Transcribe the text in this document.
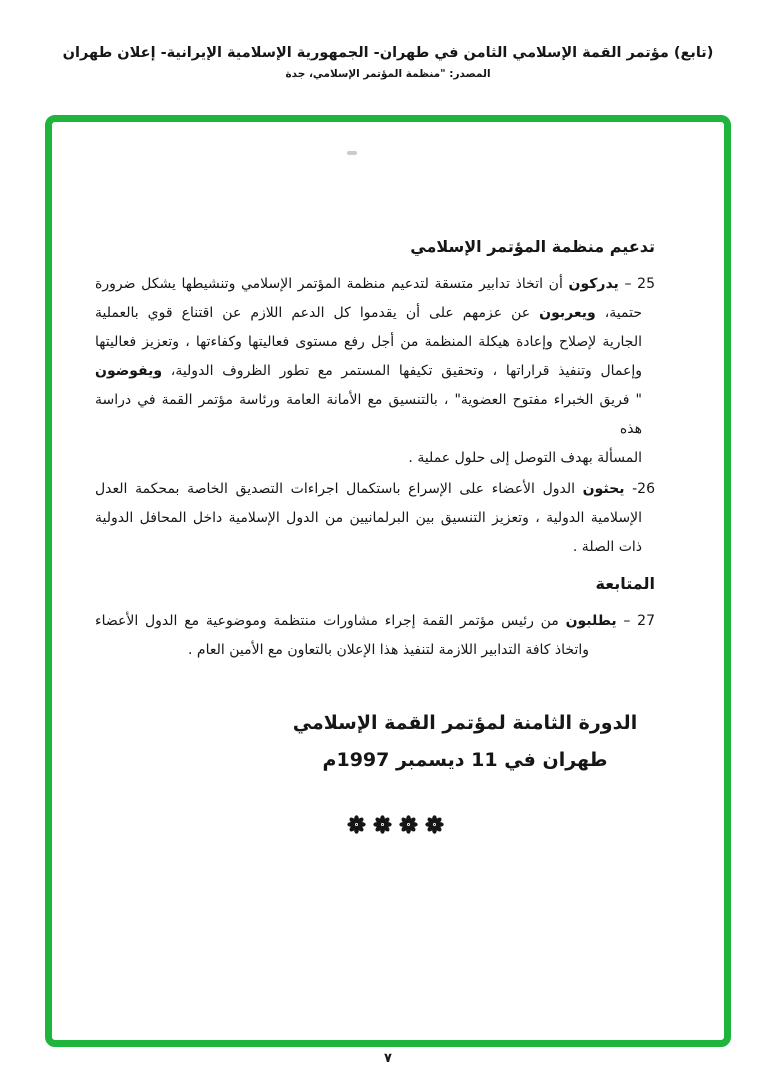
(تابع) مؤتمر القمة الإسلامي الثامن في طهران- الجمهورية الإسلامية الإيرانية- إعلان طهران
المصدر: "منظمة المؤتمر الإسلامي، جدة
تدعيم منظمة المؤتمر الإسلامي
25 – يدركون أن اتخاذ تدابير متسقة لتدعيم منظمة المؤتمر الإسلامي وتنشيطها يشكل ضرورة
حتمية، ويعربون عن عزمهم على أن يقدموا كل الدعم اللازم عن اقتناع قوي بالعملية
الجارية لإصلاح وإعادة هيكلة المنظمة من أجل رفع مستوى فعاليتها وكفاءتها ، وتعزيز فعاليتها
وإعمال وتنفيذ قراراتها ، وتحقيق تكيفها المستمر مع تطور الظروف الدولية، ويفوضون
" فريق الخبراء مفتوح العضوية" ، بالتنسيق مع الأمانة العامة ورئاسة مؤتمر القمة في دراسة هذه
المسألة بهدف التوصل إلى حلول عملية .
26- يحثون الدول الأعضاء على الإسراع باستكمال اجراءات التصديق الخاصة بمحكمة العدل
الإسلامية الدولية ، وتعزيز التنسيق بين البرلمانيين من الدول الإسلامية داخل المحافل الدولية
ذات الصلة .
المتابعة
27 – يطلبون من رئيس مؤتمر القمة إجراء مشاورات منتظمة وموضوعية مع الدول الأعضاء
واتخاذ كافة التدابير اللازمة لتنفيذ هذا الإعلان بالتعاون مع الأمين العام .
الدورة الثامنة لمؤتمر القمة الإسلامي
طهران في 11 ديسمبر 1997م
٧
